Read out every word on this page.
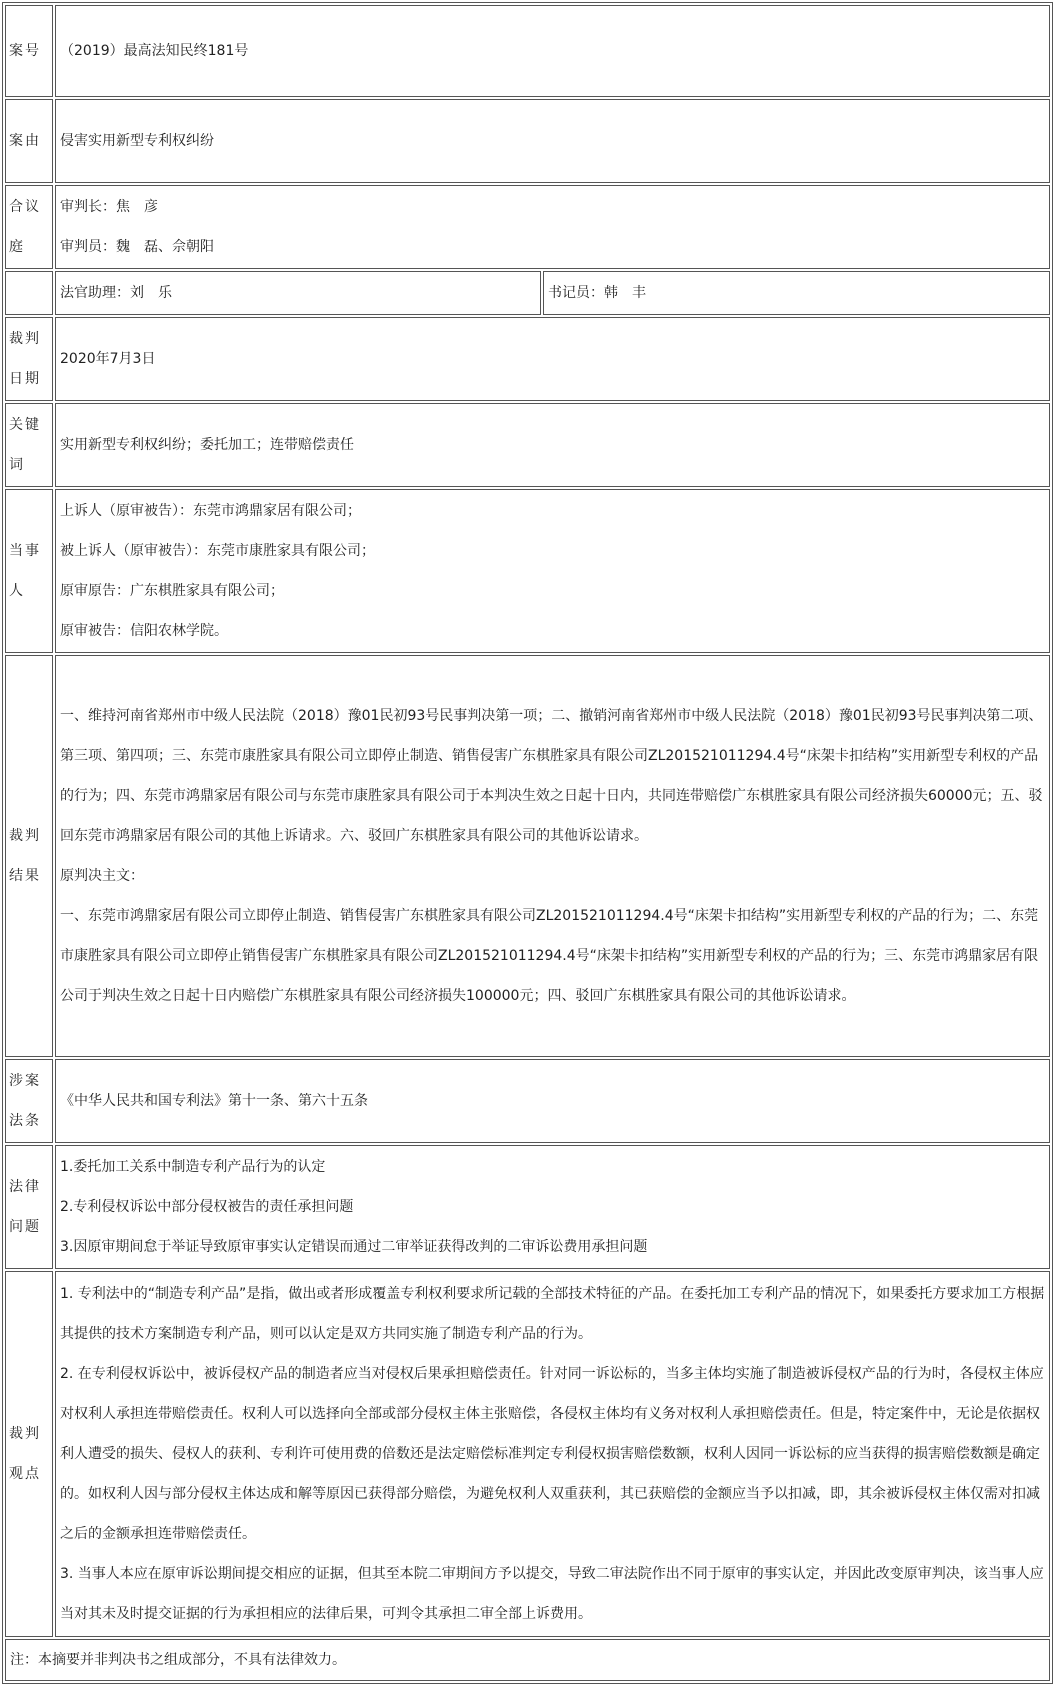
案号	（2019）最高法知民终181号	
案由	侵害实用新型专利权纠纷	
合议庭	审判长：焦　彦
审判员：魏　磊、佘朝阳	

	法官助理：刘　乐	书记员：韩　丰
裁判日期	2020年7月3日	
关键词	实用新型专利权纠纷；委托加工；连带赔偿责任	
当事人	上诉人（原审被告）：东莞市鸿鼎家居有限公司；
被上诉人（原审被告）：东莞市康胜家具有限公司；
原审原告：广东棋胜家具有限公司；
原审被告：信阳农林学院。	

裁判结果	一、维持河南省郑州市中级人民法院（2018）豫01民初93号民事判决第一项；二、撤销河南省郑州市中级人民法院（2018）豫01民初93号民事判决第二项、第三项、第四项；三、东莞市康胜家具有限公司立即停止制造、销售侵害广东棋胜家具有限公司ZL201521011294.4号“床架卡扣结构”实用新型专利权的产品的行为；四、东莞市鸿鼎家居有限公司与东莞市康胜家具有限公司于本判决生效之日起十日内，共同连带赔偿广东棋胜家具有限公司经济损失60000元；五、驳回东莞市鸿鼎家居有限公司的其他上诉请求。六、驳回广东棋胜家具有限公司的其他诉讼请求。
原判决主文：
一、东莞市鸿鼎家居有限公司立即停止制造、销售侵害广东棋胜家具有限公司ZL201521011294.4号“床架卡扣结构”实用新型专利权的产品的行为；二、东莞市康胜家具有限公司立即停止销售侵害广东棋胜家具有限公司ZL201521011294.4号“床架卡扣结构”实用新型专利权的产品的行为；三、东莞市鸿鼎家居有限公司于判决生效之日起十日内赔偿广东棋胜家具有限公司经济损失100000元；四、驳回广东棋胜家具有限公司的其他诉讼请求。	

涉案法条	《中华人民共和国专利法》第十一条、第六十五条	
法律问题	1.委托加工关系中制造专利产品行为的认定
2.专利侵权诉讼中部分侵权被告的责任承担问题
3.因原审期间怠于举证导致原审事实认定错误而通过二审举证获得改判的二审诉讼费用承担问题	

裁判观点	1. 专利法中的“制造专利产品”是指，做出或者形成覆盖专利权利要求所记载的全部技术特征的产品。在委托加工专利产品的情况下，如果委托方要求加工方根据其提供的技术方案制造专利产品，则可以认定是双方共同实施了制造专利产品的行为。
2. 在专利侵权诉讼中，被诉侵权产品的制造者应当对侵权后果承担赔偿责任。针对同一诉讼标的，当多主体均实施了制造被诉侵权产品的行为时，各侵权主体应对权利人承担连带赔偿责任。权利人可以选择向全部或部分侵权主体主张赔偿，各侵权主体均有义务对权利人承担赔偿责任。但是，特定案件中，无论是依据权利人遭受的损失、侵权人的获利、专利许可使用费的倍数还是法定赔偿标准判定专利侵权损害赔偿数额，权利人因同一诉讼标的应当获得的损害赔偿数额是确定的。如权利人因与部分侵权主体达成和解等原因已获得部分赔偿，为避免权利人双重获利，其已获赔偿的金额应当予以扣减，即，其余被诉侵权主体仅需对扣减之后的金额承担连带赔偿责任。
3. 当事人本应在原审诉讼期间提交相应的证据，但其至本院二审期间方予以提交，导致二审法院作出不同于原审的事实认定，并因此改变原审判决，该当事人应当对其未及时提交证据的行为承担相应的法律后果，可判令其承担二审全部上诉费用。	

注：本摘要并非判决书之组成部分，不具有法律效力。		
